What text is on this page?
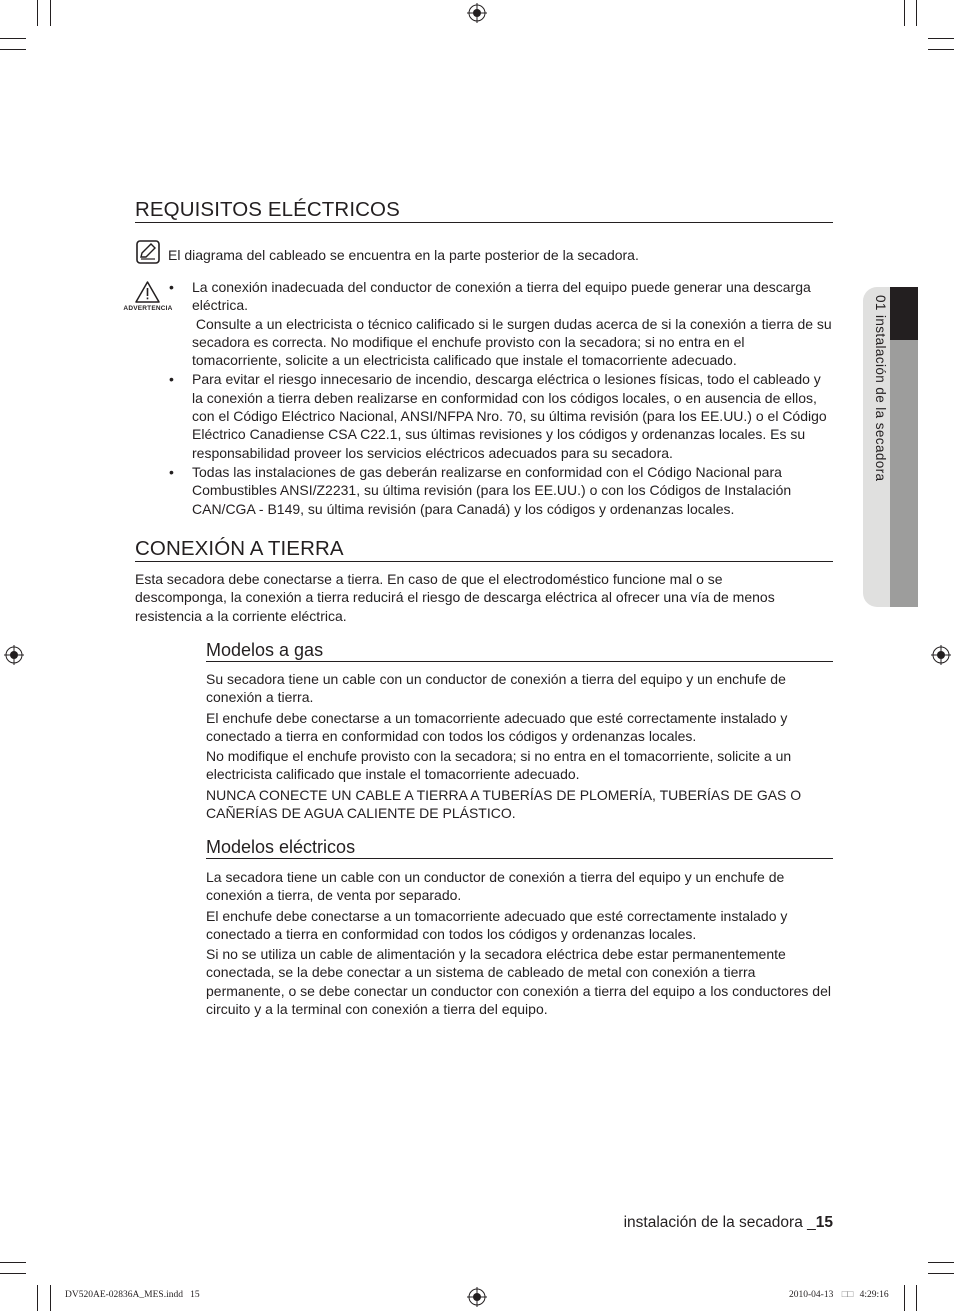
REQUISITOS ELÉCTRICOS
El diagrama del cableado se encuentra en la parte posterior de la secadora.
ADVERTENCIA
• La conexión inadecuada del conductor de conexión a tierra del equipo puede generar una descarga eléctrica.

Consulte a un electricista o técnico calificado si le surgen dudas acerca de si la conexión a tierra de su secadora es correcta. No modifique el enchufe provisto con la secadora; si no entra en el tomacorriente, solicite a un electricista calificado que instale el tomacorriente adecuado.

• Para evitar el riesgo innecesario de incendio, descarga eléctrica o lesiones físicas, todo el cableado y la conexión a tierra deben realizarse en conformidad con los códigos locales, o en ausencia de ellos, con el Código Eléctrico Nacional, ANSI/NFPA Nro. 70, su última revisión (para los EE.UU.) o el Código Eléctrico Canadiense CSA C22.1, sus últimas revisiones y los códigos y ordenanzas locales. Es su responsabilidad proveer los servicios eléctricos adecuados para su secadora.

• Todas las instalaciones de gas deberán realizarse en conformidad con el Código Nacional para Combustibles ANSI/Z2231, su última revisión (para los EE.UU.) o con los Códigos de Instalación CAN/CGA - B149, su última revisión (para Canadá) y los códigos y ordenanzas locales.

CONEXIÓN A TIERRA
Esta secadora debe conectarse a tierra. En caso de que el electrodoméstico funcione mal o se descomponga, la conexión a tierra reducirá el riesgo de descarga eléctrica al ofrecer una vía de menos resistencia a la corriente eléctrica.
Modelos a gas
Su secadora tiene un cable con un conductor de conexión a tierra del equipo y un enchufe de conexión a tierra.
El enchufe debe conectarse a un tomacorriente adecuado que esté correctamente instalado y conectado a tierra en conformidad con todos los códigos y ordenanzas locales.
No modifique el enchufe provisto con la secadora; si no entra en el tomacorriente, solicite a un electricista calificado que instale el tomacorriente adecuado.
NUNCA CONECTE UN CABLE A TIERRA A TUBERÍAS DE PLOMERÍA, TUBERÍAS DE GAS O CAÑERÍAS DE AGUA CALIENTE DE PLÁSTICO.
Modelos eléctricos
La secadora tiene un cable con un conductor de conexión a tierra del equipo y un enchufe de conexión a tierra, de venta por separado.
El enchufe debe conectarse a un tomacorriente adecuado que esté correctamente instalado y conectado a tierra en conformidad con todos los códigos y ordenanzas locales.
Si no se utiliza un cable de alimentación y la secadora eléctrica debe estar permanentemente conectada, se la debe conectar a un sistema de cableado de metal con conexión a tierra permanente, o se debe conectar un conductor con conexión a tierra del equipo a los conductores del circuito y a la terminal con conexión a tierra del equipo.
01 instalación de la secadora
instalación de la secadora _15
DV520AE-02836A_MES.indd   15	2010-04-13 □□ 4:29:16
